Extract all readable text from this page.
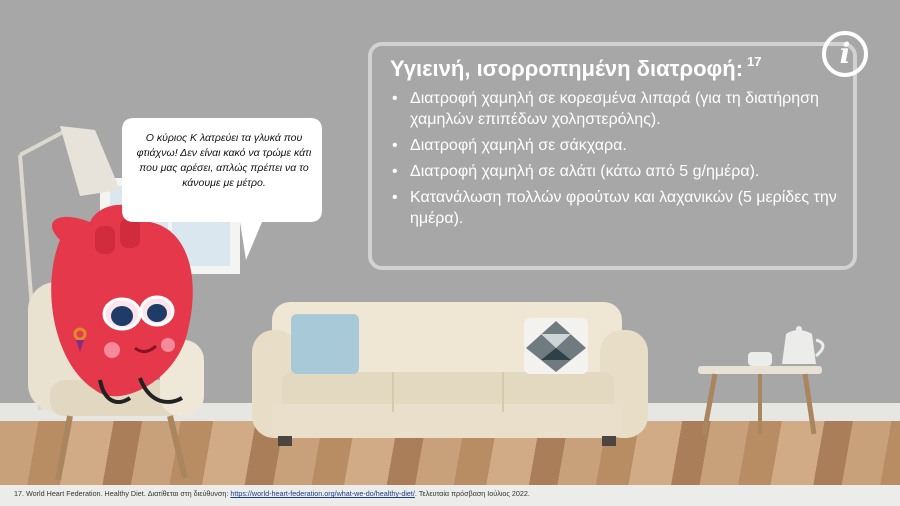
Υγιεινή, ισορροπημένη διατροφή: $^{17}$
• Διατροφή χαμηλή σε κορεσμένα λιπαρά (για τη διατήρηση χαμηλών επιπέδων χοληστερόλης).
• Διατροφή χαμηλή σε σάκχαρα.
• Διατροφή χαμηλή σε αλάτι (κάτω από 5 g/ημέρα).
• Κατανάλωση πολλών φρούτων και λαχανικών (5 μερίδες την ημέρα).
i
Ο κύριος Κ λατρεύει τα γλυκά που φτιάχνω! Δεν είναι κακό να τρώμε κάτι που μας αρέσει, απλώς πρέπει να το κάνουμε με μέτρο.
17. World Heart Federation. Healthy Diet. Διατίθεται στη διεύθυνση: https://world-heart-federation.org/what-we-do/healthy-diet/. Τελευταία πρόσβαση Ιούλιος 2022.
